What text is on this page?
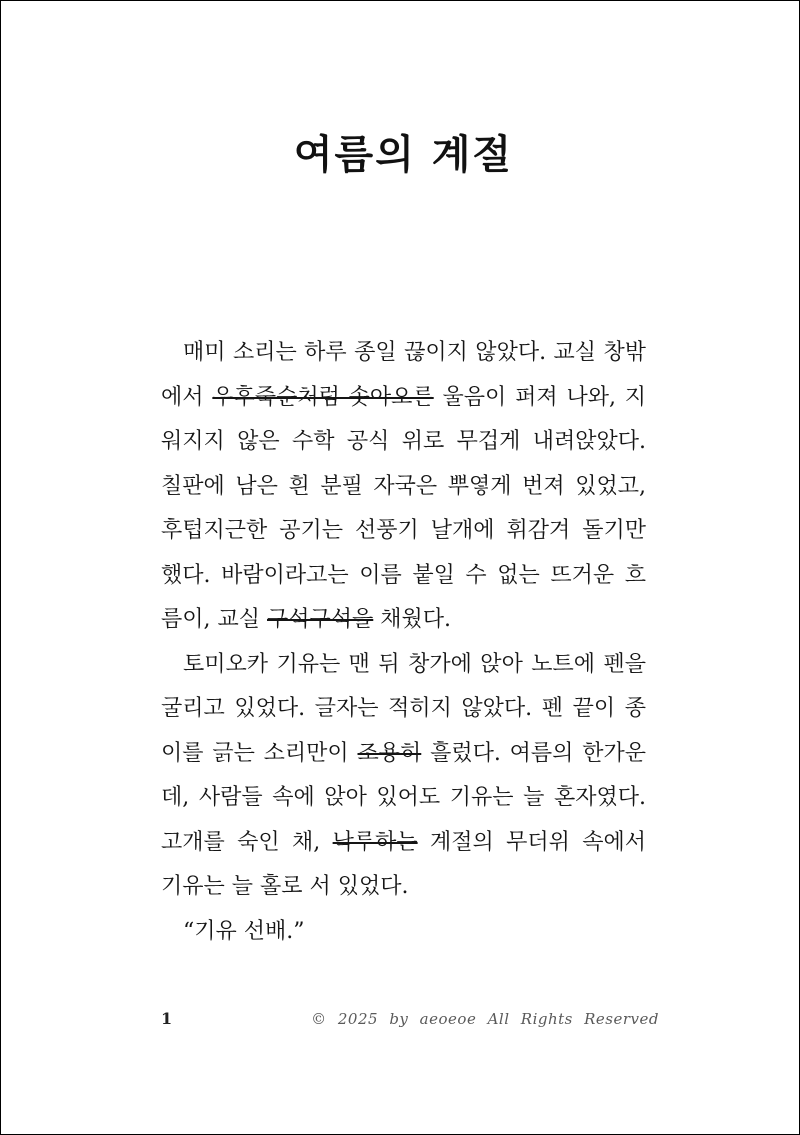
여름의 계절
매미 소리는 하루 종일 끊이지 않았다. 교실 창밖
에서 우후죽순처럼 솟아오른 울음이 퍼져 나와, 지
워지지 않은 수학 공식 위로 무겁게 내려앉았다.
칠판에 남은 흰 분필 자국은 뿌옇게 번져 있었고,
후텁지근한 공기는 선풍기 날개에 휘감겨 돌기만
했다. 바람이라고는 이름 붙일 수 없는 뜨거운 흐
름이, 교실 구석구석을 채웠다.
토미오카 기유는 맨 뒤 창가에 앉아 노트에 펜을
굴리고 있었다. 글자는 적히지 않았다. 펜 끝이 종
이를 긁는 소리만이 조용히 흘렀다. 여름의 한가운
데, 사람들 속에 앉아 있어도 기유는 늘 혼자였다.
고개를 숙인 채, 낙루하는 계절의 무더위 속에서
기유는 늘 홀로 서 있었다.
“기유 선배.”
1	© 2025 by aeoeoe All Rights Reserved
